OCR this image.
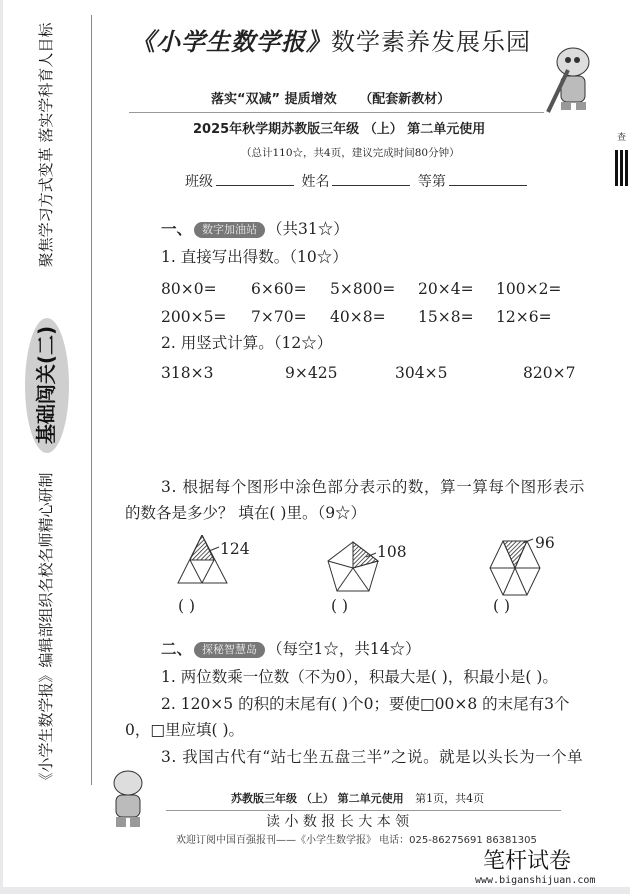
聚焦学习方式变革 落实学科育人目标
基础闯关(二)
《小学生数学报》编辑部组织名校名师精心研制
《小学生数学报》数学素养发展乐园
落实“双减” 提质增效 （配套新教材）
2025年秋学期苏教版三年级 （上） 第二单元使用
（总计110☆，共4页，建议完成时间80分钟）
班级	姓名	等第
查
一、 数字加油站 （共31☆）
1. 直接写出得数。（10☆）
80×0= 6×60= 5×800= 20×4= 100×2=
200×5= 7×70= 40×8= 15×8= 12×6=
2. 用竖式计算。（12☆）
318×3	9×425	304×5	820×7
3. 根据每个图形中涂色部分表示的数，算一算每个图形表示
的数各是多少？ 填在( )里。（9☆）
124	108	96
( )	( )	( )
二、 探秘智慧岛 （每空1☆，共14☆）
1. 两位数乘一位数（不为0），积最大是( )，积最小是( )。
2. 120×5 的积的末尾有( )个0；要使□00×8 的末尾有3个
0，□里应填( )。
3. 我国古代有“站七坐五盘三半”之说。就是以头长为一个单
苏教版三年级 （上） 第二单元使用 第1页，共4页
读 小 数 报 长 大 本 领
欢迎订阅中国百强报刊——《小学生数学报》 电话：025-86275691 86381305
笔杆试卷
www.biganshijuan.com
